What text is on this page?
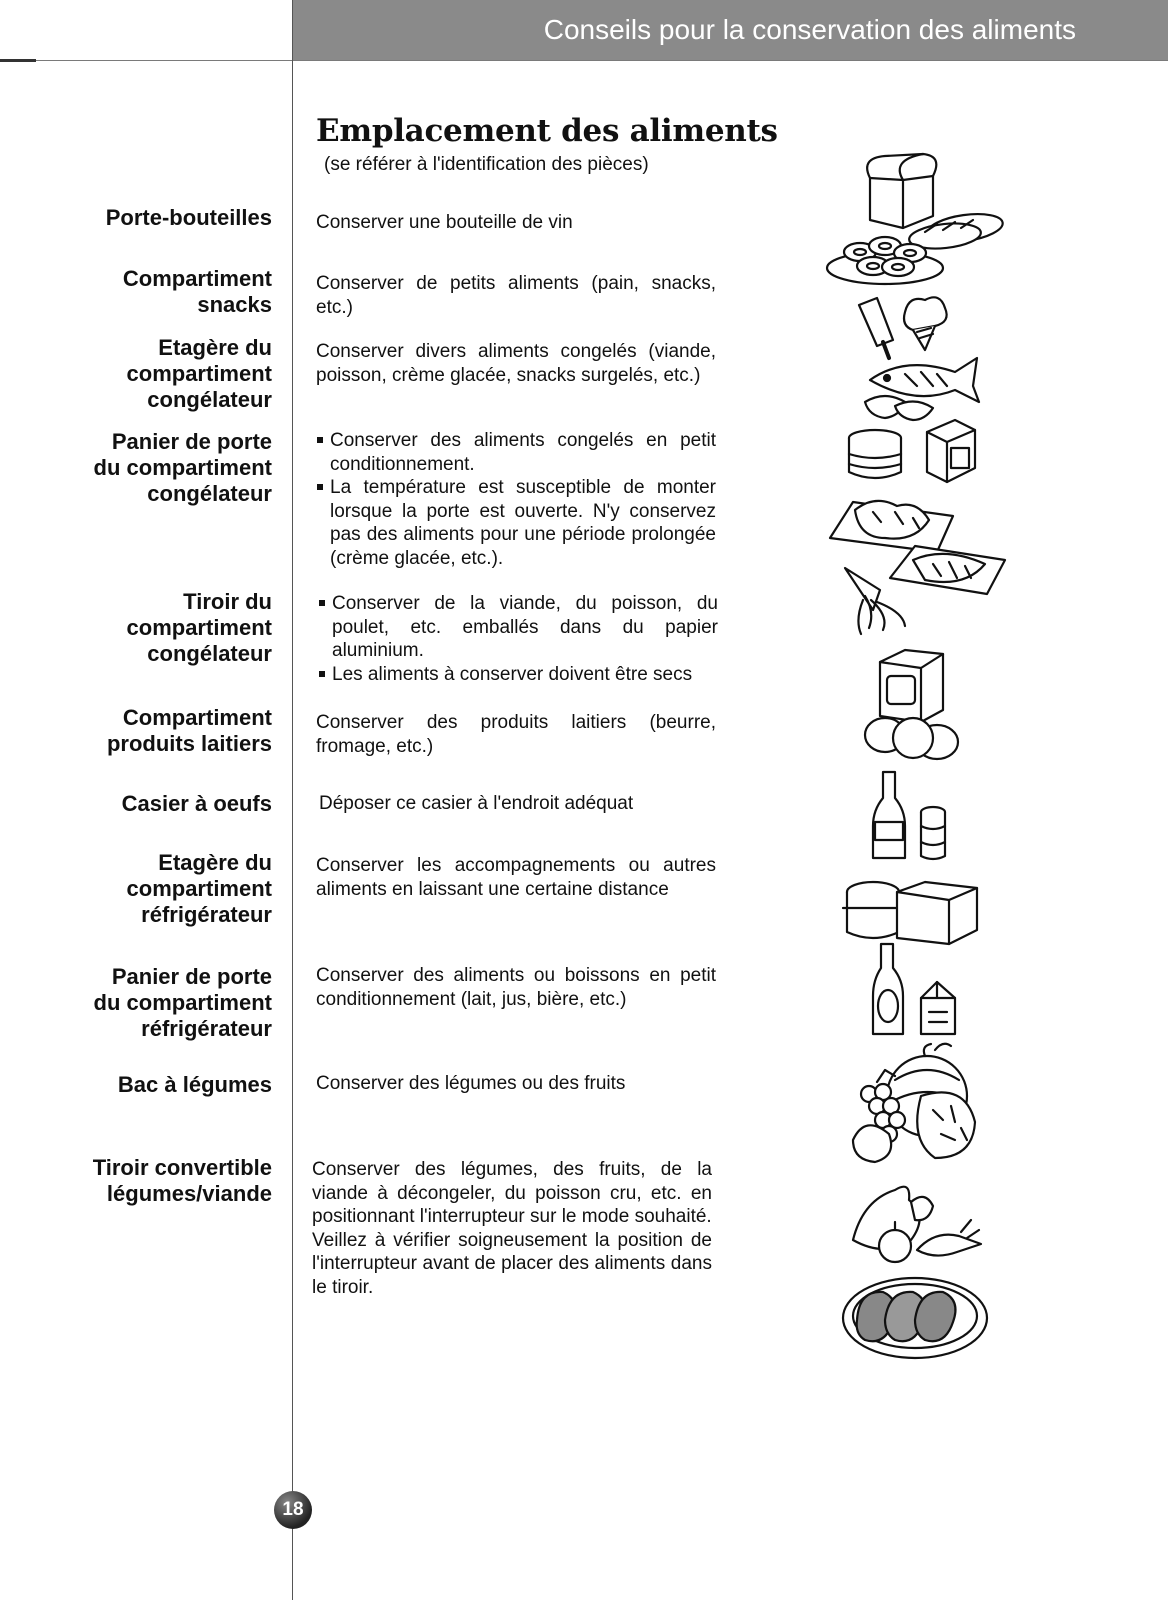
Conseils pour la conservation des aliments
Emplacement des aliments
(se référer à l'identification des pièces)
Porte-bouteilles
Compartiment
snacks
Etagère du
compartiment
congélateur
Panier de porte
du compartiment
congélateur
Tiroir du
compartiment
congélateur
Compartiment
produits laitiers
Casier à oeufs
Etagère du
compartiment
réfrigérateur
Panier de porte
du compartiment
réfrigérateur
Bac à légumes
Tiroir convertible
légumes/viande

Conserver une bouteille de vin

Conserver de petits aliments (pain, snacks, etc.)

Conserver divers aliments congelés (viande, poisson, crème glacée, snacks surgelés, etc.)

Conserver des aliments congelés en petit conditionnement.
La température est susceptible de monter lorsque la porte est ouverte. N'y conservez pas des aliments pour une période prolongée (crème glacée, etc.).
Conserver de la viande, du poisson, du poulet, etc. emballés dans du papier aluminium.
Les aliments à conserver doivent être secs

Conserver des produits laitiers (beurre, fromage, etc.)

Déposer ce casier à l'endroit adéquat

Conserver les accompagnements ou autres aliments en laissant une certaine distance

Conserver des aliments ou boissons en petit conditionnement (lait, jus, bière, etc.)

Conserver des légumes ou des fruits

Conserver des légumes, des fruits, de la viande à décongeler, du poisson cru, etc. en positionnant l'interrupteur sur le mode souhaité.

Veillez à vérifier soigneusement la position de l'interrupteur avant de placer des aliments dans le tiroir.

18
